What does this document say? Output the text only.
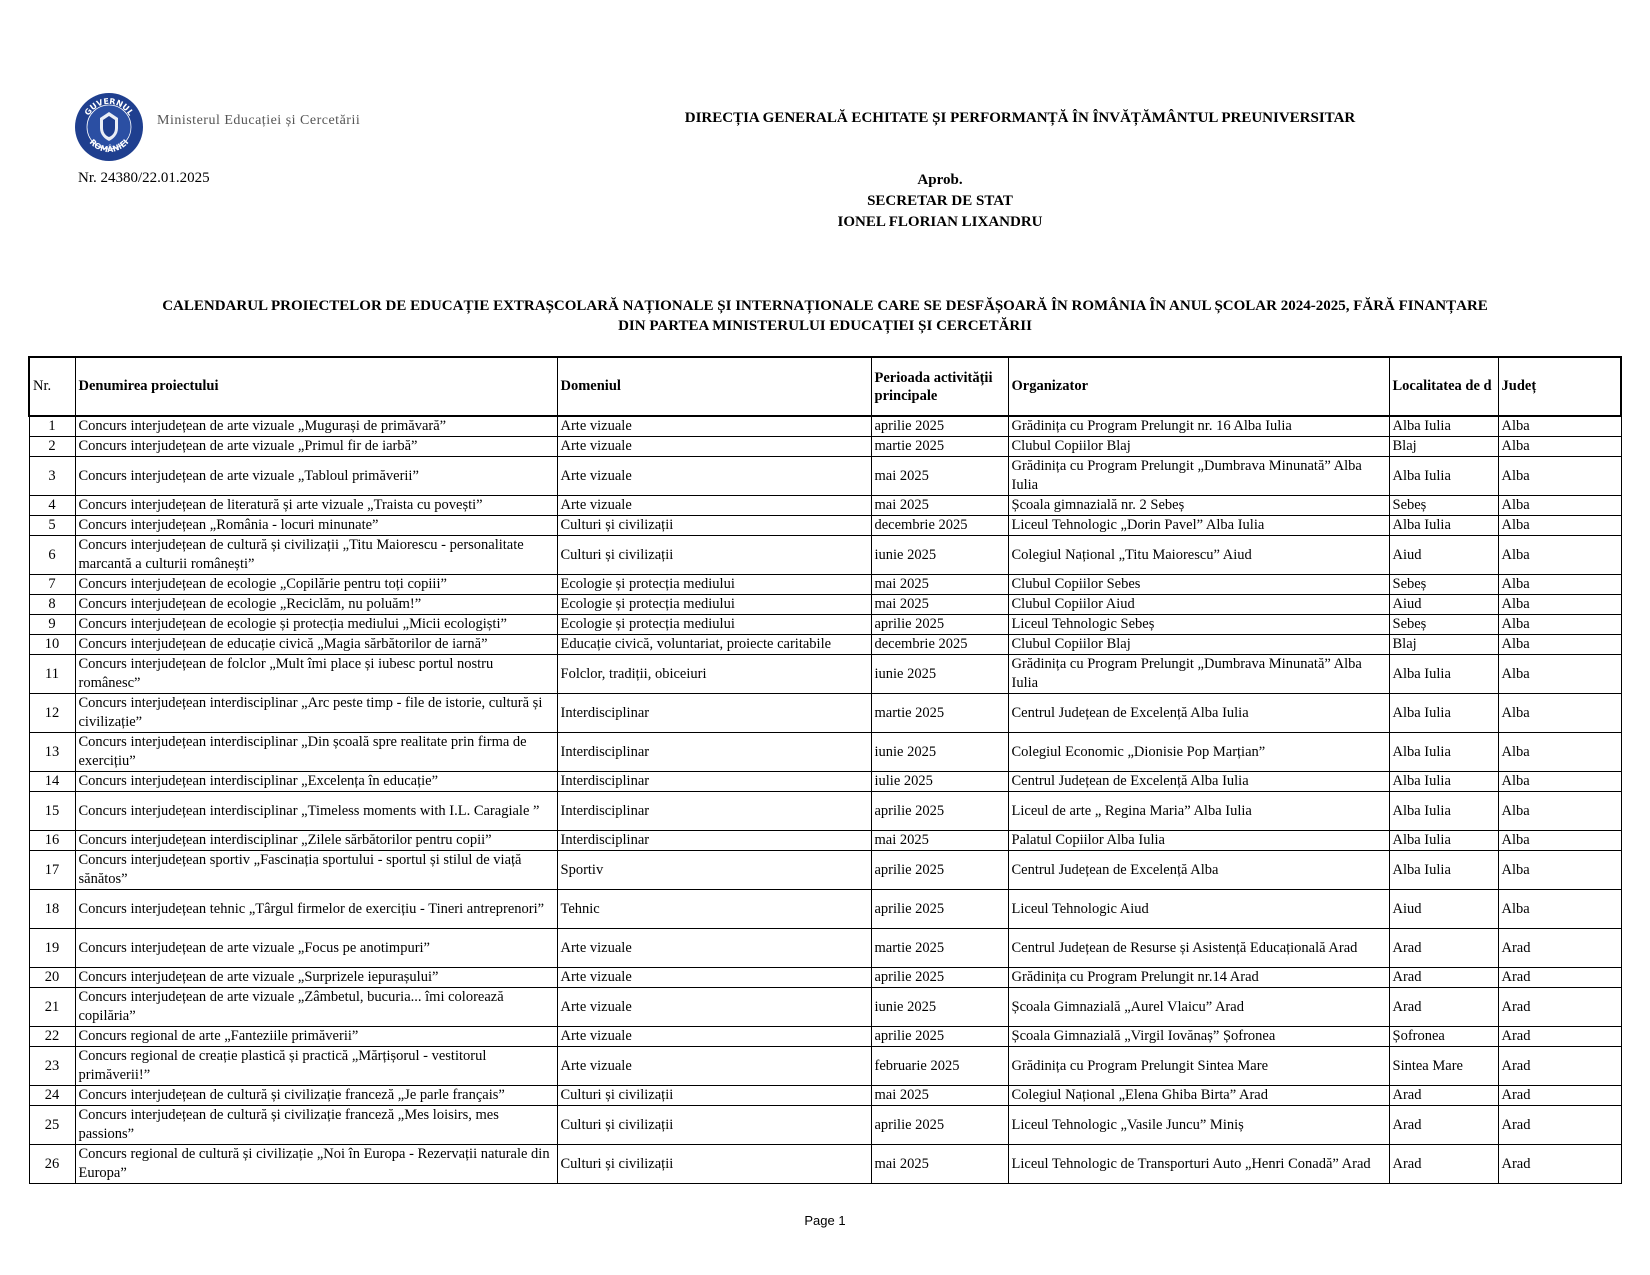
GUVERNUL
ROMÂNIEI
Ministerul Educației și Cercetării	DIRECȚIA GENERALĂ ECHITATE ȘI PERFORMANȚĂ ÎN ÎNVĂȚĂMÂNTUL PREUNIVERSITAR
Nr. 24380/22.01.2025	Aprob.
SECRETAR DE STAT
IONEL FLORIAN LIXANDRU
CALENDARUL PROIECTELOR DE EDUCAȚIE EXTRAȘCOLARĂ NAȚIONALE ȘI INTERNAȚIONALE CARE SE DESFĂȘOARĂ ÎN ROMÂNIA ÎN ANUL ȘCOLAR 2024-2025, FĂRĂ FINANȚARE
DIN PARTEA MINISTERULUI EDUCAȚIEI ȘI CERCETĂRII
Nr.	Denumirea proiectului	Domeniul	Perioada activității principale	Organizator	Localitatea de d	Județ
1	Concurs interjudețean de arte vizuale „Mugurași de primăvară”	Arte vizuale	aprilie 2025	Grădinița cu Program Prelungit nr. 16 Alba Iulia	Alba Iulia	Alba
2	Concurs interjudețean de arte vizuale „Primul fir de iarbă”	Arte vizuale	martie 2025	Clubul Copiilor Blaj	Blaj	Alba
3	Concurs interjudețean de arte vizuale „Tabloul primăverii”	Arte vizuale	mai 2025	Grădinița cu Program Prelungit „Dumbrava Minunată” Alba Iulia	Alba Iulia	Alba
4	Concurs interjudețean de literatură și arte vizuale „Traista cu povești”	Arte vizuale	mai 2025	Școala gimnazială nr. 2 Sebeș	Sebeș	Alba
5	Concurs interjudețean „România - locuri minunate”	Culturi și civilizații	decembrie 2025	Liceul Tehnologic „Dorin Pavel” Alba Iulia	Alba Iulia	Alba
6	Concurs interjudețean de cultură și civilizații „Titu Maiorescu - personalitate marcantă a culturii românești”	Culturi și civilizații	iunie 2025	Colegiul Național „Titu Maiorescu” Aiud	Aiud	Alba
7	Concurs interjudețean de ecologie „Copilărie pentru toți copiii”	Ecologie și protecția mediului	mai 2025	Clubul Copiilor Sebes	Sebeș	Alba
8	Concurs interjudețean de ecologie „Reciclăm, nu poluăm!”	Ecologie și protecția mediului	mai 2025	Clubul Copiilor Aiud	Aiud	Alba
9	Concurs interjudețean de ecologie și protecția mediului „Micii ecologiști”	Ecologie și protecția mediului	aprilie 2025	Liceul Tehnologic Sebeș	Sebeș	Alba
10	Concurs interjudețean de educație civică „Magia sărbătorilor de iarnă”	Educație civică, voluntariat, proiecte caritabile	decembrie 2025	Clubul Copiilor Blaj	Blaj	Alba
11	Concurs interjudețean de folclor „Mult îmi place și iubesc portul nostru românesc”	Folclor, tradiții, obiceiuri	iunie 2025	Grădinița cu Program Prelungit „Dumbrava Minunată” Alba Iulia	Alba Iulia	Alba
12	Concurs interjudețean interdisciplinar „Arc peste timp - file de istorie, cultură și civilizație”	Interdisciplinar	martie 2025	Centrul Județean de Excelență Alba Iulia	Alba Iulia	Alba
13	Concurs interjudețean interdisciplinar „Din școală spre realitate prin firma de exercițiu”	Interdisciplinar	iunie 2025	Colegiul Economic „Dionisie Pop Marțian”	Alba Iulia	Alba
14	Concurs interjudețean interdisciplinar „Excelența în educație”	Interdisciplinar	iulie 2025	Centrul Județean de Excelență Alba Iulia	Alba Iulia	Alba
15	Concurs interjudețean interdisciplinar „Timeless moments with I.L. Caragiale ”	Interdisciplinar	aprilie 2025	Liceul de arte „ Regina Maria” Alba Iulia	Alba Iulia	Alba
16	Concurs interjudețean interdisciplinar „Zilele sărbătorilor pentru copii”	Interdisciplinar	mai 2025	Palatul Copiilor Alba Iulia	Alba Iulia	Alba
17	Concurs interjudețean sportiv „Fascinația sportului - sportul și stilul de viață sănătos”	Sportiv	aprilie 2025	Centrul Județean de Excelență Alba	Alba Iulia	Alba
18	Concurs interjudețean tehnic „Târgul firmelor de exercițiu - Tineri antreprenori”	Tehnic	aprilie 2025	Liceul Tehnologic Aiud	Aiud	Alba
19	Concurs interjudețean de arte vizuale „Focus pe anotimpuri”	Arte vizuale	martie 2025	Centrul Județean de Resurse și Asistență Educațională Arad	Arad	Arad
20	Concurs interjudețean de arte vizuale „Surprizele iepurașului”	Arte vizuale	aprilie 2025	Grădinița cu Program Prelungit nr.14 Arad	Arad	Arad
21	Concurs interjudețean de arte vizuale „Zâmbetul, bucuria... îmi colorează copilăria”	Arte vizuale	iunie 2025	Școala Gimnazială „Aurel Vlaicu” Arad	Arad	Arad
22	Concurs regional de arte „Fanteziile primăverii”	Arte vizuale	aprilie 2025	Școala Gimnazială „Virgil Iovănaș” Șofronea	Șofronea	Arad
23	Concurs regional de creație plastică și practică „Mărțișorul - vestitorul primăverii!”	Arte vizuale	februarie 2025	Grădinița cu Program Prelungit Sintea Mare	Sintea Mare	Arad
24	Concurs interjudețean de cultură și civilizație franceză „Je parle français”	Culturi și civilizații	mai 2025	Colegiul Național „Elena Ghiba Birta” Arad	Arad	Arad
25	Concurs interjudețean de cultură și civilizație franceză „Mes loisirs, mes passions”	Culturi și civilizații	aprilie 2025	Liceul Tehnologic „Vasile Juncu” Miniș	Arad	Arad
26	Concurs regional de cultură și civilizație „Noi în Europa - Rezervații naturale din Europa”	Culturi și civilizații	mai 2025	Liceul Tehnologic de Transporturi Auto „Henri Conadă” Arad	Arad	Arad
Page 1
